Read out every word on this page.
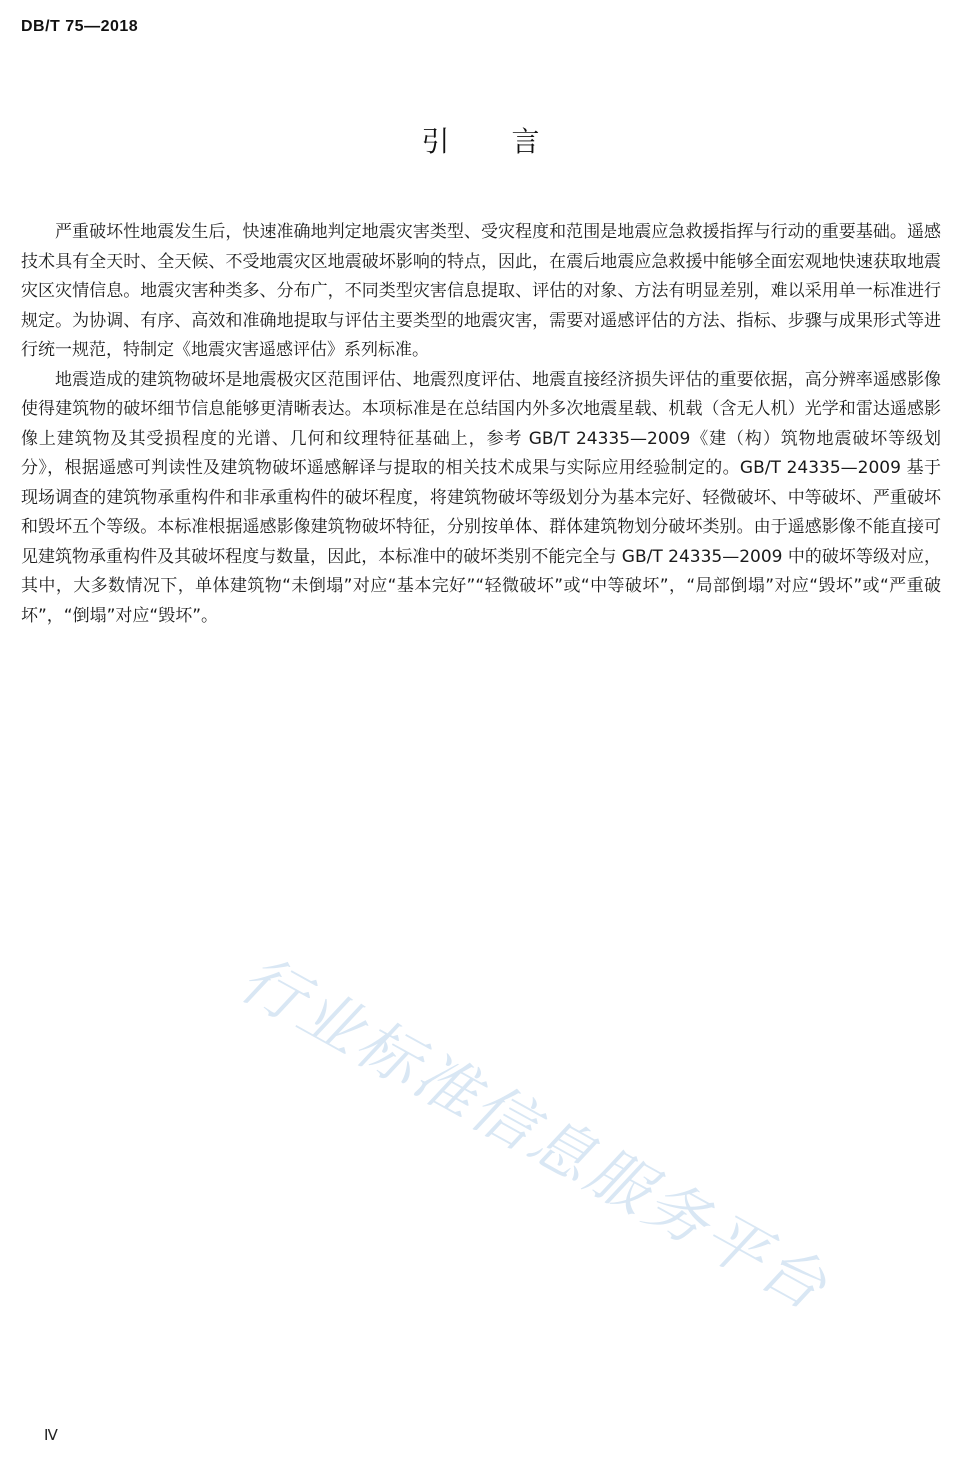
DB/T 75—2018
引言

严重破坏性地震发生后，快速准确地判定地震灾害类型、受灾程度和范围是地震应急救援指挥与行动的重要基础。遥感技术具有全天时、全天候、不受地震灾区地震破坏影响的特点，因此，在震后地震应急救援中能够全面宏观地快速获取地震灾区灾情信息。地震灾害种类多、分布广，不同类型灾害信息提取、评估的对象、方法有明显差别，难以采用单一标准进行规定。为协调、有序、高效和准确地提取与评估主要类型的地震灾害，需要对遥感评估的方法、指标、步骤与成果形式等进行统一规范，特制定《地震灾害遥感评估》系列标准。

地震造成的建筑物破坏是地震极灾区范围评估、地震烈度评估、地震直接经济损失评估的重要依据，高分辨率遥感影像使得建筑物的破坏细节信息能够更清晰表达。本项标准是在总结国内外多次地震星载、机载（含无人机）光学和雷达遥感影像上建筑物及其受损程度的光谱、几何和纹理特征基础上，参考 GB/T 24335—2009《建（构）筑物地震破坏等级划分》，根据遥感可判读性及建筑物破坏遥感解译与提取的相关技术成果与实际应用经验制定的。GB/T 24335—2009 基于现场调查的建筑物承重构件和非承重构件的破坏程度，将建筑物破坏等级划分为基本完好、轻微破坏、中等破坏、严重破坏和毁坏五个等级。本标准根据遥感影像建筑物破坏特征，分别按单体、群体建筑物划分破坏类别。由于遥感影像不能直接可见建筑物承重构件及其破坏程度与数量，因此，本标准中的破坏类别不能完全与 GB/T 24335—2009 中的破坏等级对应，其中，大多数情况下，单体建筑物“未倒塌”对应“基本完好”“轻微破坏”或“中等破坏”，“局部倒塌”对应“毁坏”或“严重破坏”，“倒塌”对应“毁坏”。

行业标准信息服务平台
Ⅳ
